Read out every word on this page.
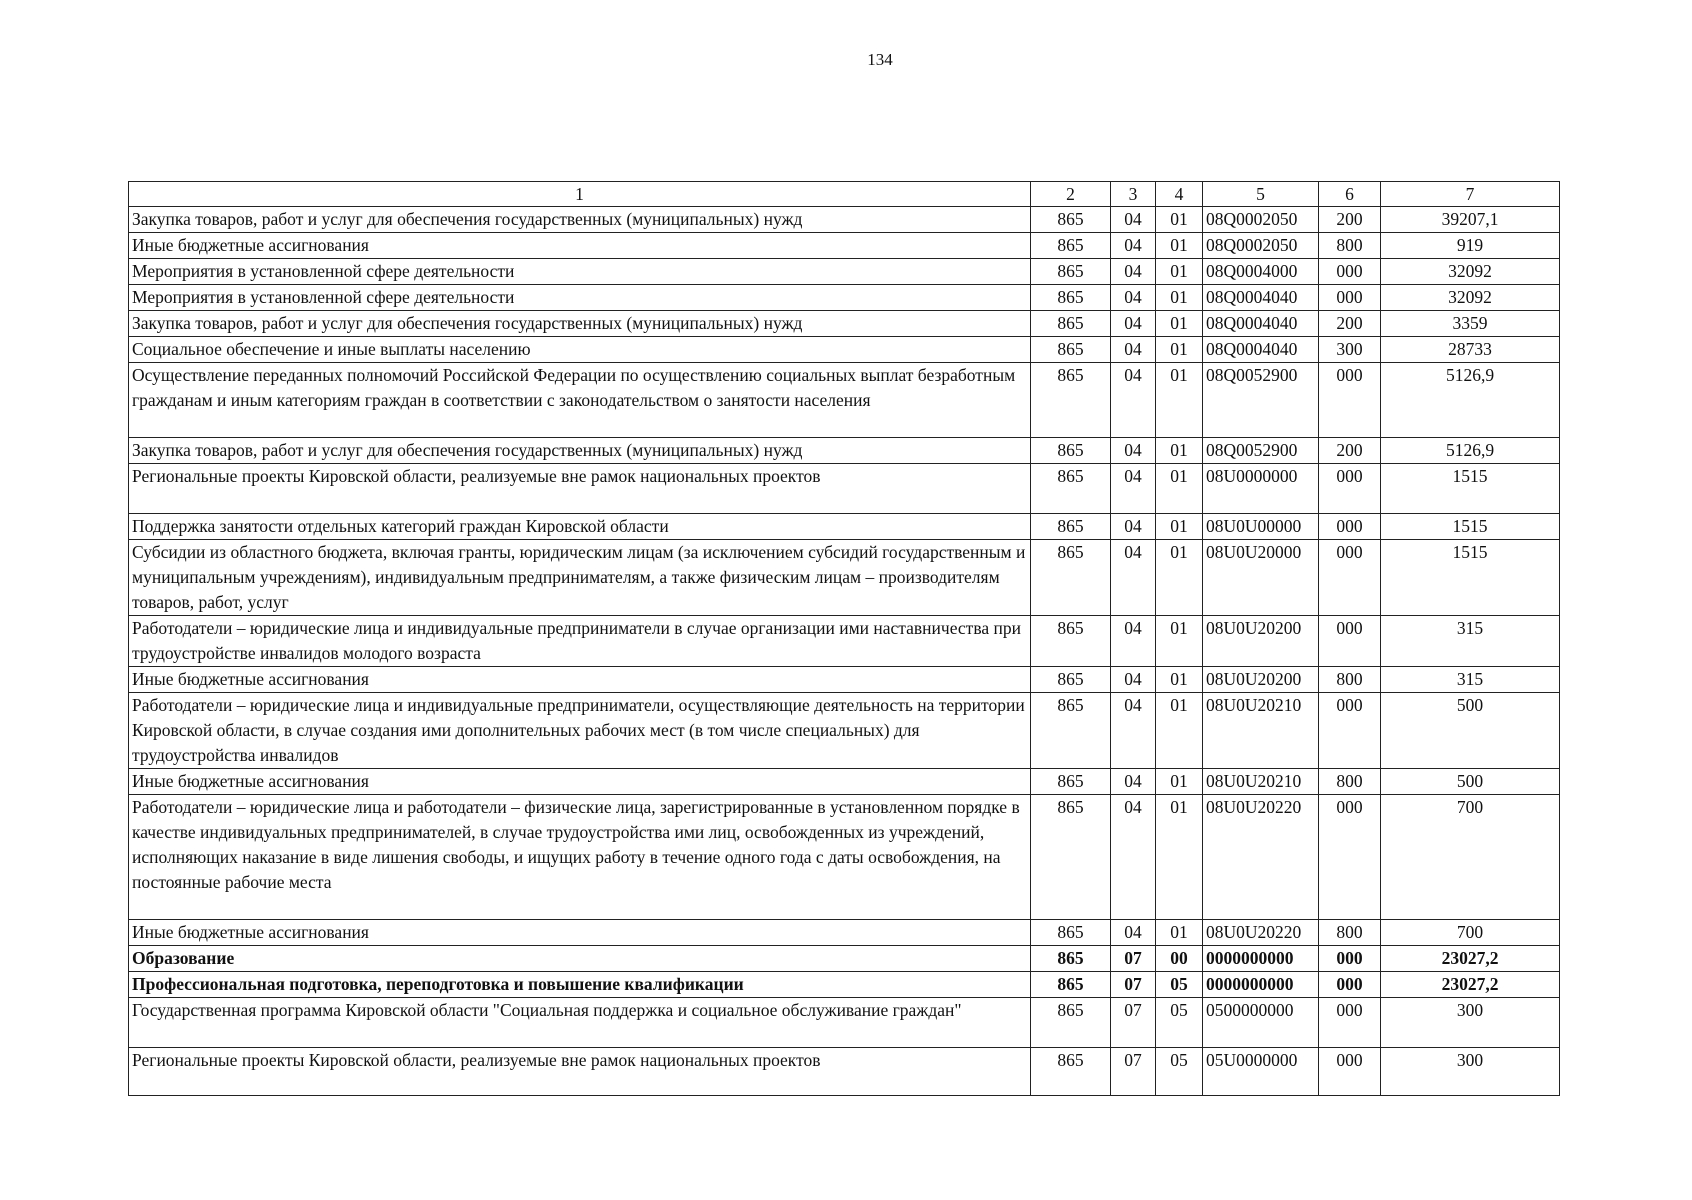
134
1	2	3	4	5	6	7
Закупка товаров, работ и услуг для обеспечения государственных (муниципальных) нужд	865	04	01	08Q0002050	200	39207,1
Иные бюджетные ассигнования	865	04	01	08Q0002050	800	919
Мероприятия в установленной сфере деятельности	865	04	01	08Q0004000	000	32092
Мероприятия в установленной сфере деятельности	865	04	01	08Q0004040	000	32092
Закупка товаров, работ и услуг для обеспечения государственных (муниципальных) нужд	865	04	01	08Q0004040	200	3359
Социальное обеспечение и иные выплаты населению	865	04	01	08Q0004040	300	28733
Осуществление переданных полномочий Российской Федерации по осуществлению социальных выплат безработным гражданам и иным категориям граждан в соответствии с законодательством о занятости населения	865	04	01	08Q0052900	000	5126,9
Закупка товаров, работ и услуг для обеспечения государственных (муниципальных) нужд	865	04	01	08Q0052900	200	5126,9
Региональные проекты Кировской области, реализуемые вне рамок национальных проектов	865	04	01	08U0000000	000	1515
Поддержка занятости отдельных категорий граждан Кировской области	865	04	01	08U0U00000	000	1515
Субсидии из областного бюджета, включая гранты, юридическим лицам (за исключением субсидий государственным и муниципальным учреждениям), индивидуальным предпринимателям, а также физическим лицам – производителям товаров, работ, услуг	865	04	01	08U0U20000	000	1515
Работодатели – юридические лица и индивидуальные предприниматели в случае организации ими наставничества при трудоустройстве инвалидов молодого возраста	865	04	01	08U0U20200	000	315
Иные бюджетные ассигнования	865	04	01	08U0U20200	800	315
Работодатели – юридические лица и индивидуальные предприниматели, осуществляющие деятельность на территории Кировской области, в случае создания ими дополнительных рабочих мест (в том числе специальных) для трудоустройства инвалидов	865	04	01	08U0U20210	000	500
Иные бюджетные ассигнования	865	04	01	08U0U20210	800	500
Работодатели – юридические лица и работодатели – физические лица, зарегистрированные в установленном порядке в качестве индивидуальных предпринимателей, в случае трудоустройства ими лиц, освобожденных из учреждений, исполняющих наказание в виде лишения свободы, и ищущих работу в течение одного года с даты освобождения, на постоянные рабочие места	865	04	01	08U0U20220	000	700
Иные бюджетные ассигнования	865	04	01	08U0U20220	800	700
Образование	865	07	00	0000000000	000	23027,2
Профессиональная подготовка, переподготовка и повышение квалификации	865	07	05	0000000000	000	23027,2
Государственная программа Кировской области "Социальная поддержка и социальное обслуживание граждан"	865	07	05	0500000000	000	300
Региональные проекты Кировской области, реализуемые вне рамок национальных проектов	865	07	05	05U0000000	000	300
